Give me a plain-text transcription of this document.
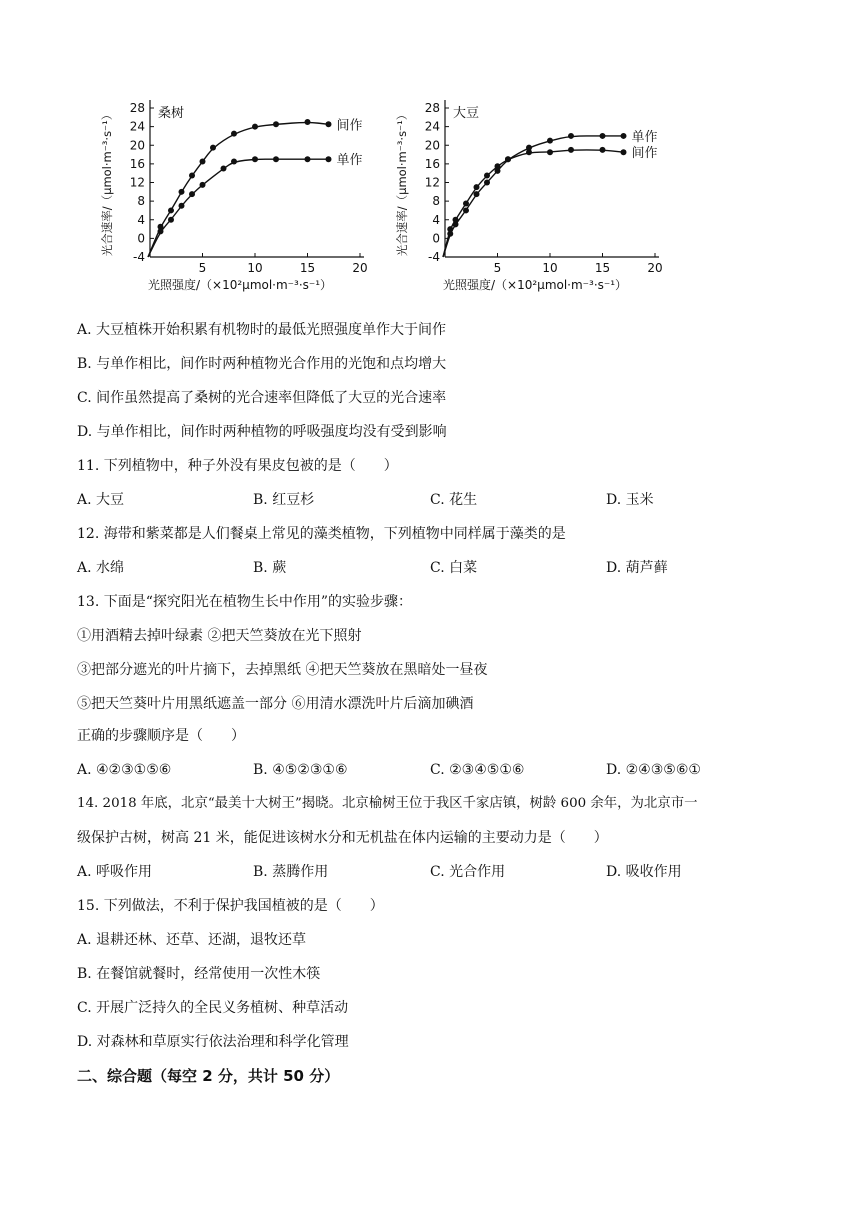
-4
0
4
8
12
16
20
24
28
5	10	15	20
桑树
光照强度/（×10²μmol·m⁻³·s⁻¹）
光合速率/（μmol·m⁻³·s⁻¹）	间作
单作
-4
0
4
8
12
16
20
24
28
5	10	15	20
大豆
光照强度/（×10²μmol·m⁻³·s⁻¹）
光合速率/（μmol·m⁻³·s⁻¹）	单作
间作
A. 大豆植株开始积累有机物时的最低光照强度单作大于间作
B. 与单作相比，间作时两种植物光合作用的光饱和点均增大
C. 间作虽然提高了桑树的光合速率但降低了大豆的光合速率
D. 与单作相比，间作时两种植物的呼吸强度均没有受到影响
11. 下列植物中，种子外没有果皮包被的是（　　）
A. 大豆	B. 红豆杉	C. 花生	D. 玉米
12. 海带和紫菜都是人们餐桌上常见的藻类植物，下列植物中同样属于藻类的是
A. 水绵	B. 蕨	C. 白菜	D. 葫芦藓
13. 下面是“探究阳光在植物生长中作用”的实验步骤：
①用酒精去掉叶绿素 ②把天竺葵放在光下照射
③把部分遮光的叶片摘下，去掉黑纸 ④把天竺葵放在黑暗处一昼夜
⑤把天竺葵叶片用黑纸遮盖一部分 ⑥用清水漂洗叶片后滴加碘酒
正确的步骤顺序是（　　）
A. ④②③①⑤⑥	B. ④⑤②③①⑥	C. ②③④⑤①⑥	D. ②④③⑤⑥①
14. 2018 年底，北京“最美十大树王”揭晓。北京榆树王位于我区千家店镇，树龄 600 余年，为北京市一
级保护古树，树高 21 米，能促进该树水分和无机盐在体内运输的主要动力是（　　）
A. 呼吸作用	B. 蒸腾作用	C. 光合作用	D. 吸收作用
15. 下列做法，不利于保护我国植被的是（　　）
A. 退耕还林、还草、还湖，退牧还草
B. 在餐馆就餐时，经常使用一次性木筷
C. 开展广泛持久的全民义务植树、种草活动
D. 对森林和草原实行依法治理和科学化管理
二、综合题（每空 2 分，共计 50 分）
